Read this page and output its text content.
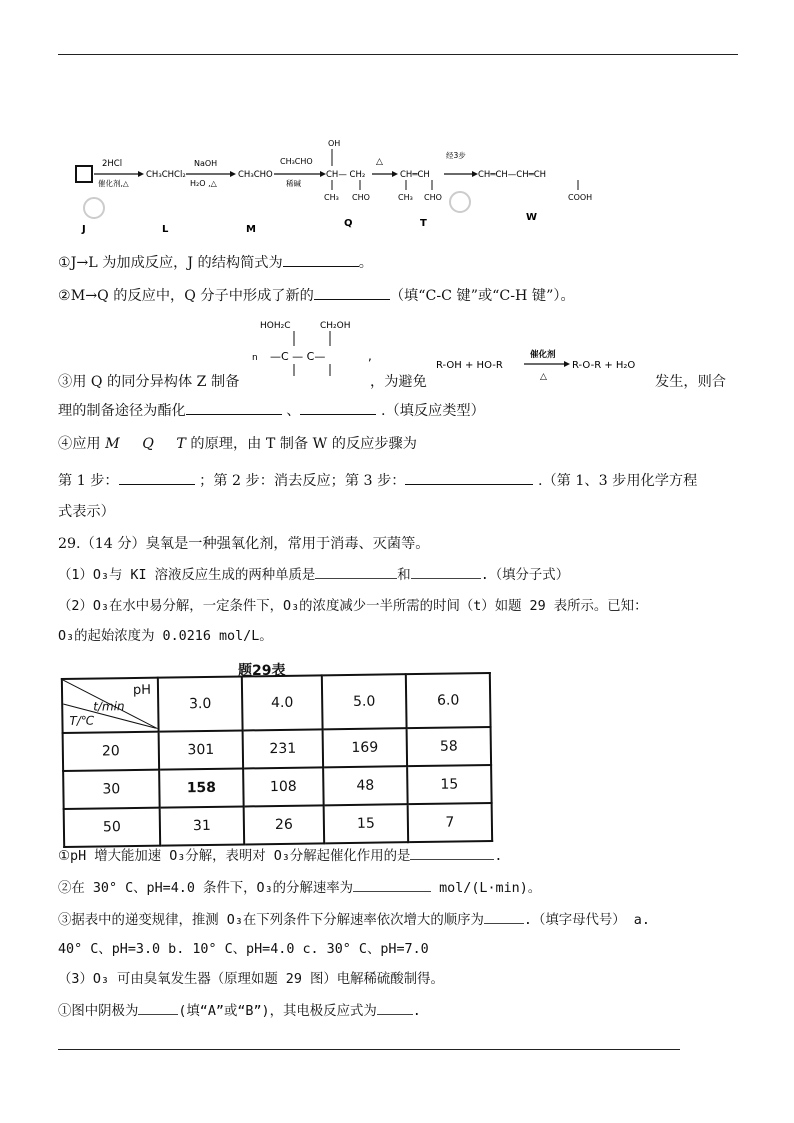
2HCl
催化剂,△
CH₃CHCl₂
NaOH
H₂O ,△
CH₃CHO
CH₃CHO
稀碱
OH
CH— CH₂
CH₃ CHO
△
CH═CH
CH₃ CHO
经3步
CH═CH—CH═CH
COOH
J	L	M
Q	T
W
①J→L 为加成反应，J 的结构简式为	。
②M→Q 的反应中，Q 分子中形成了新的	（填“C-C 键”或“C-H 键”）。
HOH₂C	CH₂OH
n —C — C—	,
R-OH + HO-R
催化剂
△
R-O-R + H₂O
③用 Q 的同分异构体 Z 制备	，为避免	发生，则合
理的制备途径为酯化	、	.（填反应类型）
④应用 M Q T 的原理，由 T 制备 W 的反应步骤为
第 1 步：	；第 2 步：消去反应；第 3 步：	.（第 1、3 步用化学方程
式表示）
29.（14 分）臭氧是一种强氧化剂，常用于消毒、灭菌等。
（1）O₃与 KI 溶液反应生成的两种单质是	和	.（填分子式）
（2）O₃在水中易分解，一定条件下，O₃的浓度减少一半所需的时间（t）如题 29 表所示。已知：
O₃的起始浓度为 0.0216 mol/L。
题29表
pH
t/min
T/℃	3.0	4.0	5.0	6.0
20	301	231	169	58
30	158	108	48	15
50	31	26	15	7
①pH 增大能加速 O₃分解，表明对 O₃分解起催化作用的是	.
②在 30° C、pH=4.0 条件下，O₃的分解速率为	mol/(L·min)。
③据表中的递变规律，推测 O₃在下列条件下分解速率依次增大的顺序为	.（填字母代号） a.
40° C、pH=3.0 b. 10° C、pH=4.0 c. 30° C、pH=7.0
（3）O₃ 可由臭氧发生器（原理如题 29 图）电解稀硫酸制得。
①图中阴极为	(填“A”或“B”)，其电极反应式为	.
